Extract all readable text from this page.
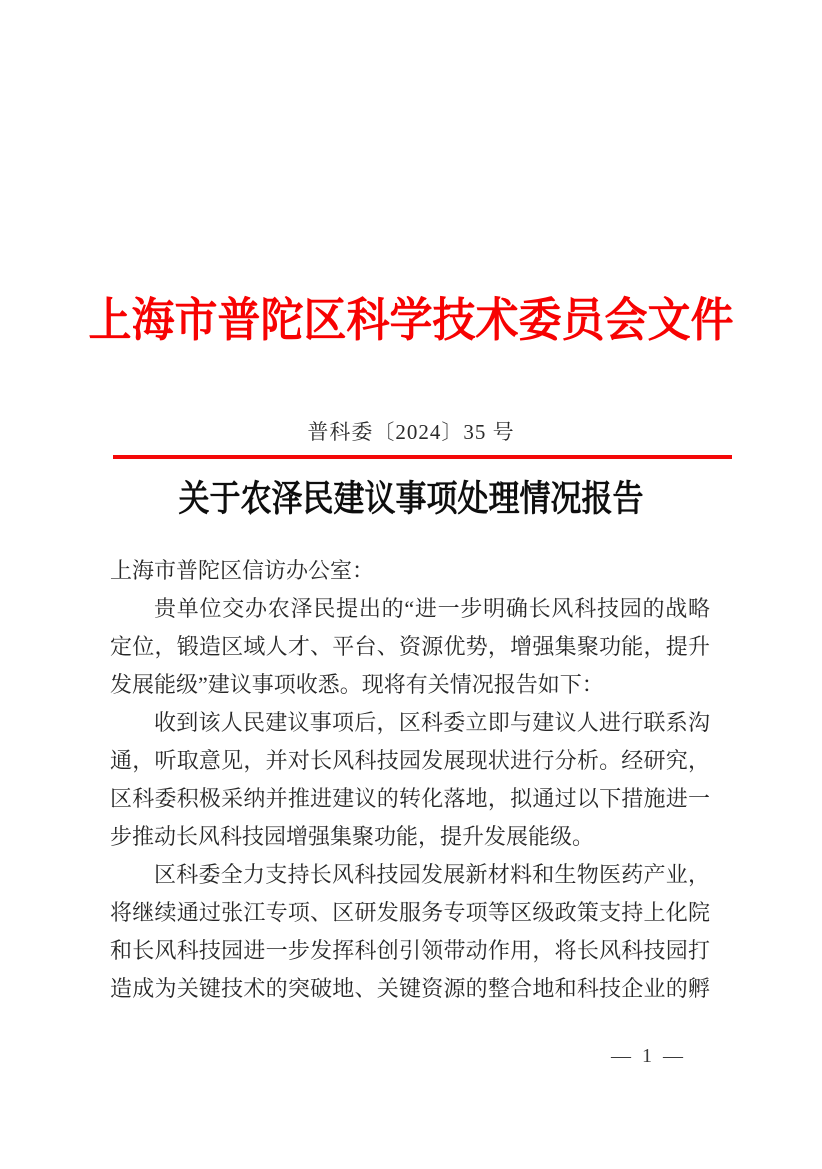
上海市普陀区科学技术委员会文件
普科委〔2024〕35 号
关于农泽民建议事项处理情况报告
上海市普陀区信访办公室：
贵单位交办农泽民提出的“进一步明确长风科技园的战略
定位，锻造区域人才、平台、资源优势，增强集聚功能，提升
发展能级”建议事项收悉。现将有关情况报告如下：
收到该人民建议事项后，区科委立即与建议人进行联系沟
通，听取意见，并对长风科技园发展现状进行分析。经研究，
区科委积极采纳并推进建议的转化落地，拟通过以下措施进一
步推动长风科技园增强集聚功能，提升发展能级。
区科委全力支持长风科技园发展新材料和生物医药产业，
将继续通过张江专项、区研发服务专项等区级政策支持上化院
和长风科技园进一步发挥科创引领带动作用，将长风科技园打
造成为关键技术的突破地、关键资源的整合地和科技企业的孵
— 1 —
